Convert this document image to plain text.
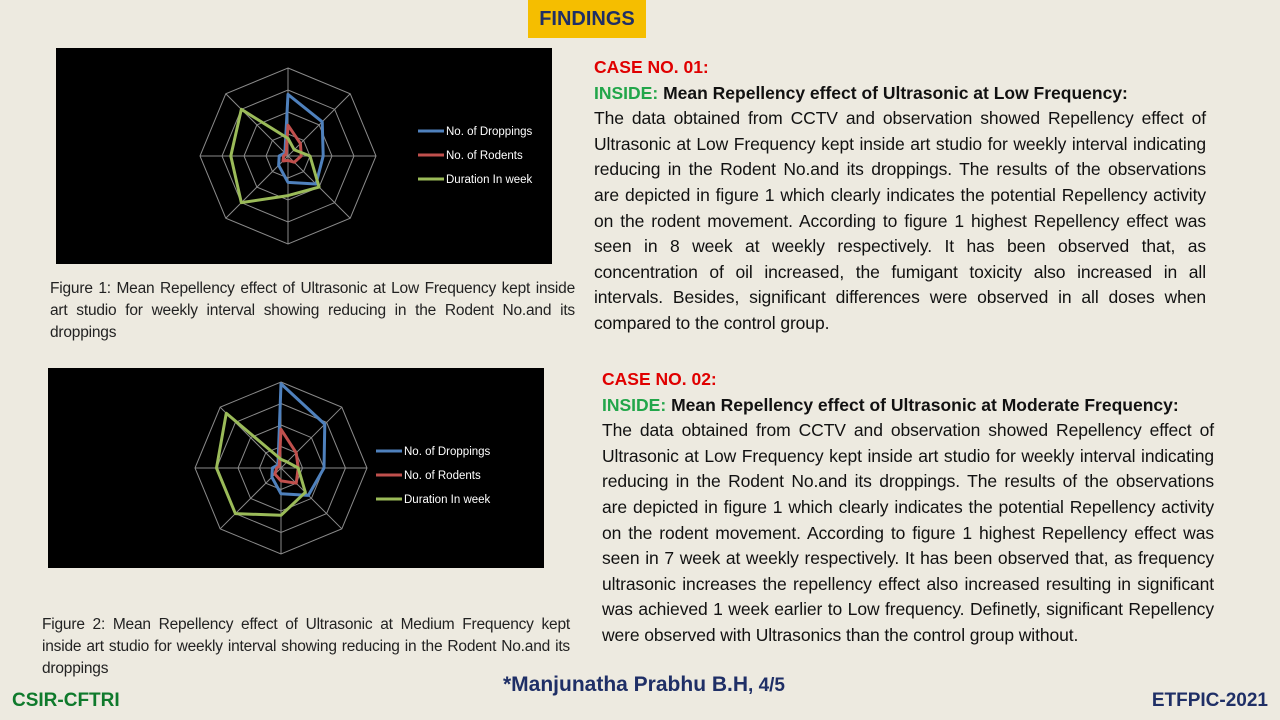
FINDINGS
No. of Droppings
No. of Rodents
Duration In week
Figure 1: Mean Repellency effect of Ultrasonic at Low Frequency kept inside art studio for weekly interval showing reducing in the Rodent No.and its droppings
No. of Droppings
No. of Rodents
Duration In week
Figure 2: Mean Repellency effect of Ultrasonic at Medium Frequency kept inside art studio for weekly interval showing reducing in the Rodent No.and its droppings
CASE NO. 01:
INSIDE: Mean Repellency effect of Ultrasonic at Low Frequency:
The data obtained from CCTV and observation showed Repellency effect of Ultrasonic at Low Frequency kept inside art studio for weekly interval indicating reducing in the Rodent No.and its droppings. The results of the observations are depicted in figure 1 which clearly indicates the potential Repellency activity on the rodent movement. According to figure 1 highest Repellency effect was seen in 8 week at weekly respectively. It has been observed that, as concentration of oil increased, the fumigant toxicity also increased in all intervals. Besides, significant differences were observed in all doses when compared to the control group.
CASE NO. 02:
INSIDE: Mean Repellency effect of Ultrasonic at Moderate Frequency:
The data obtained from CCTV and observation showed Repellency effect of Ultrasonic at Low Frequency kept inside art studio for weekly interval indicating reducing in the Rodent No.and its droppings. The results of the observations are depicted in figure 1 which clearly indicates the potential Repellency activity on the rodent movement. According to figure 1 highest Repellency effect was seen in 7 week at weekly respectively. It has been observed that, as frequency ultrasonic increases the repellency effect also increased resulting in significant was achieved 1 week earlier to Low frequency. Definetly, significant Repellency were observed with Ultrasonics than the control group without.
CSIR-CFTRI
*Manjunatha Prabhu B.H, 4/5
ETFPIC-2021
